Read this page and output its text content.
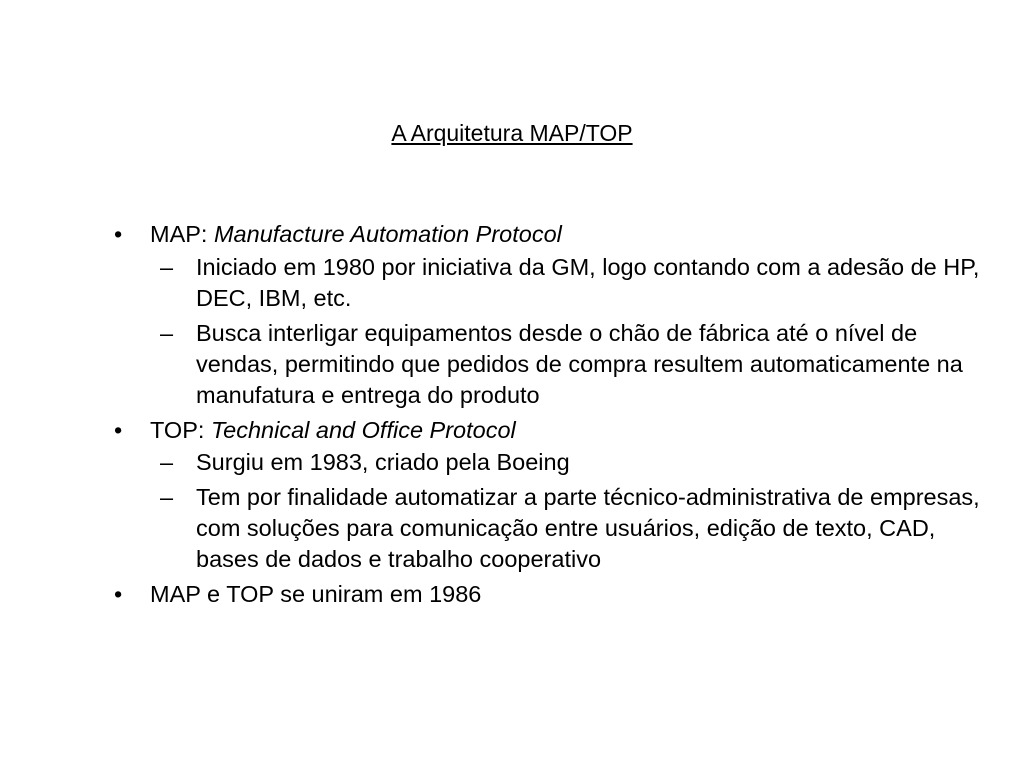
A Arquitetura MAP/TOP
• MAP: Manufacture Automation Protocol
– Iniciado em 1980 por iniciativa da GM, logo contando com a adesão de HP, DEC, IBM, etc.
– Busca interligar equipamentos desde o chão de fábrica até o nível de vendas, permitindo que pedidos de compra resultem automaticamente na manufatura e entrega do produto
• TOP: Technical and Office Protocol
– Surgiu em 1983, criado pela Boeing
– Tem por finalidade automatizar a parte técnico-administrativa de empresas, com soluções para comunicação entre usuários, edição de texto, CAD, bases de dados e trabalho cooperativo
• MAP e TOP se uniram em 1986
